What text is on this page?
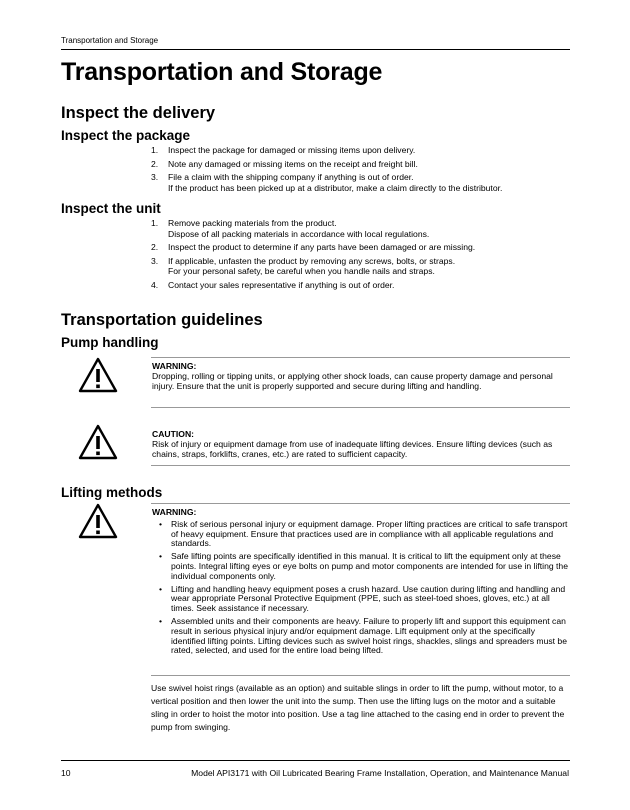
Transportation and Storage
Transportation and Storage
Inspect the delivery
Inspect the package
1. Inspect the package for damaged or missing items upon delivery.
2. Note any damaged or missing items on the receipt and freight bill.
3. File a claim with the shipping company if anything is out of order.
If the product has been picked up at a distributor, make a claim directly to the distributor.
Inspect the unit
1. Remove packing materials from the product.
Dispose of all packing materials in accordance with local regulations.
2. Inspect the product to determine if any parts have been damaged or are missing.
3. If applicable, unfasten the product by removing any screws, bolts, or straps.
For your personal safety, be careful when you handle nails and straps.
4. Contact your sales representative if anything is out of order.
Transportation guidelines
Pump handling
WARNING:
Dropping, rolling or tipping units, or applying other shock loads, can cause property damage and personal injury. Ensure that the unit is properly supported and secure during lifting and handling.
CAUTION:
Risk of injury or equipment damage from use of inadequate lifting devices. Ensure lifting devices (such as chains, straps, forklifts, cranes, etc.) are rated to sufficient capacity.
Lifting methods
WARNING:
• Risk of serious personal injury or equipment damage. Proper lifting practices are critical to safe transport of heavy equipment. Ensure that practices used are in compliance with all applicable regulations and standards.
• Safe lifting points are specifically identified in this manual. It is critical to lift the equipment only at these points. Integral lifting eyes or eye bolts on pump and motor components are intended for use in lifting the individual components only.
• Lifting and handling heavy equipment poses a crush hazard. Use caution during lifting and handling and wear appropriate Personal Protective Equipment (PPE, such as steel-toed shoes, gloves, etc.) at all times. Seek assistance if necessary.
• Assembled units and their components are heavy. Failure to properly lift and support this equipment can result in serious physical injury and/or equipment damage. Lift equipment only at the specifically identified lifting points. Lifting devices such as swivel hoist rings, shackles, slings and spreaders must be rated, selected, and used for the entire load being lifted.
Use swivel hoist rings (available as an option) and suitable slings in order to lift the pump, without motor, to a vertical position and then lower the unit into the sump. Then use the lifting lugs on the motor and a suitable sling in order to hoist the motor into position. Use a tag line attached to the casing end in order to prevent the pump from swinging.
10	Model API3171 with Oil Lubricated Bearing Frame Installation, Operation, and Maintenance Manual
